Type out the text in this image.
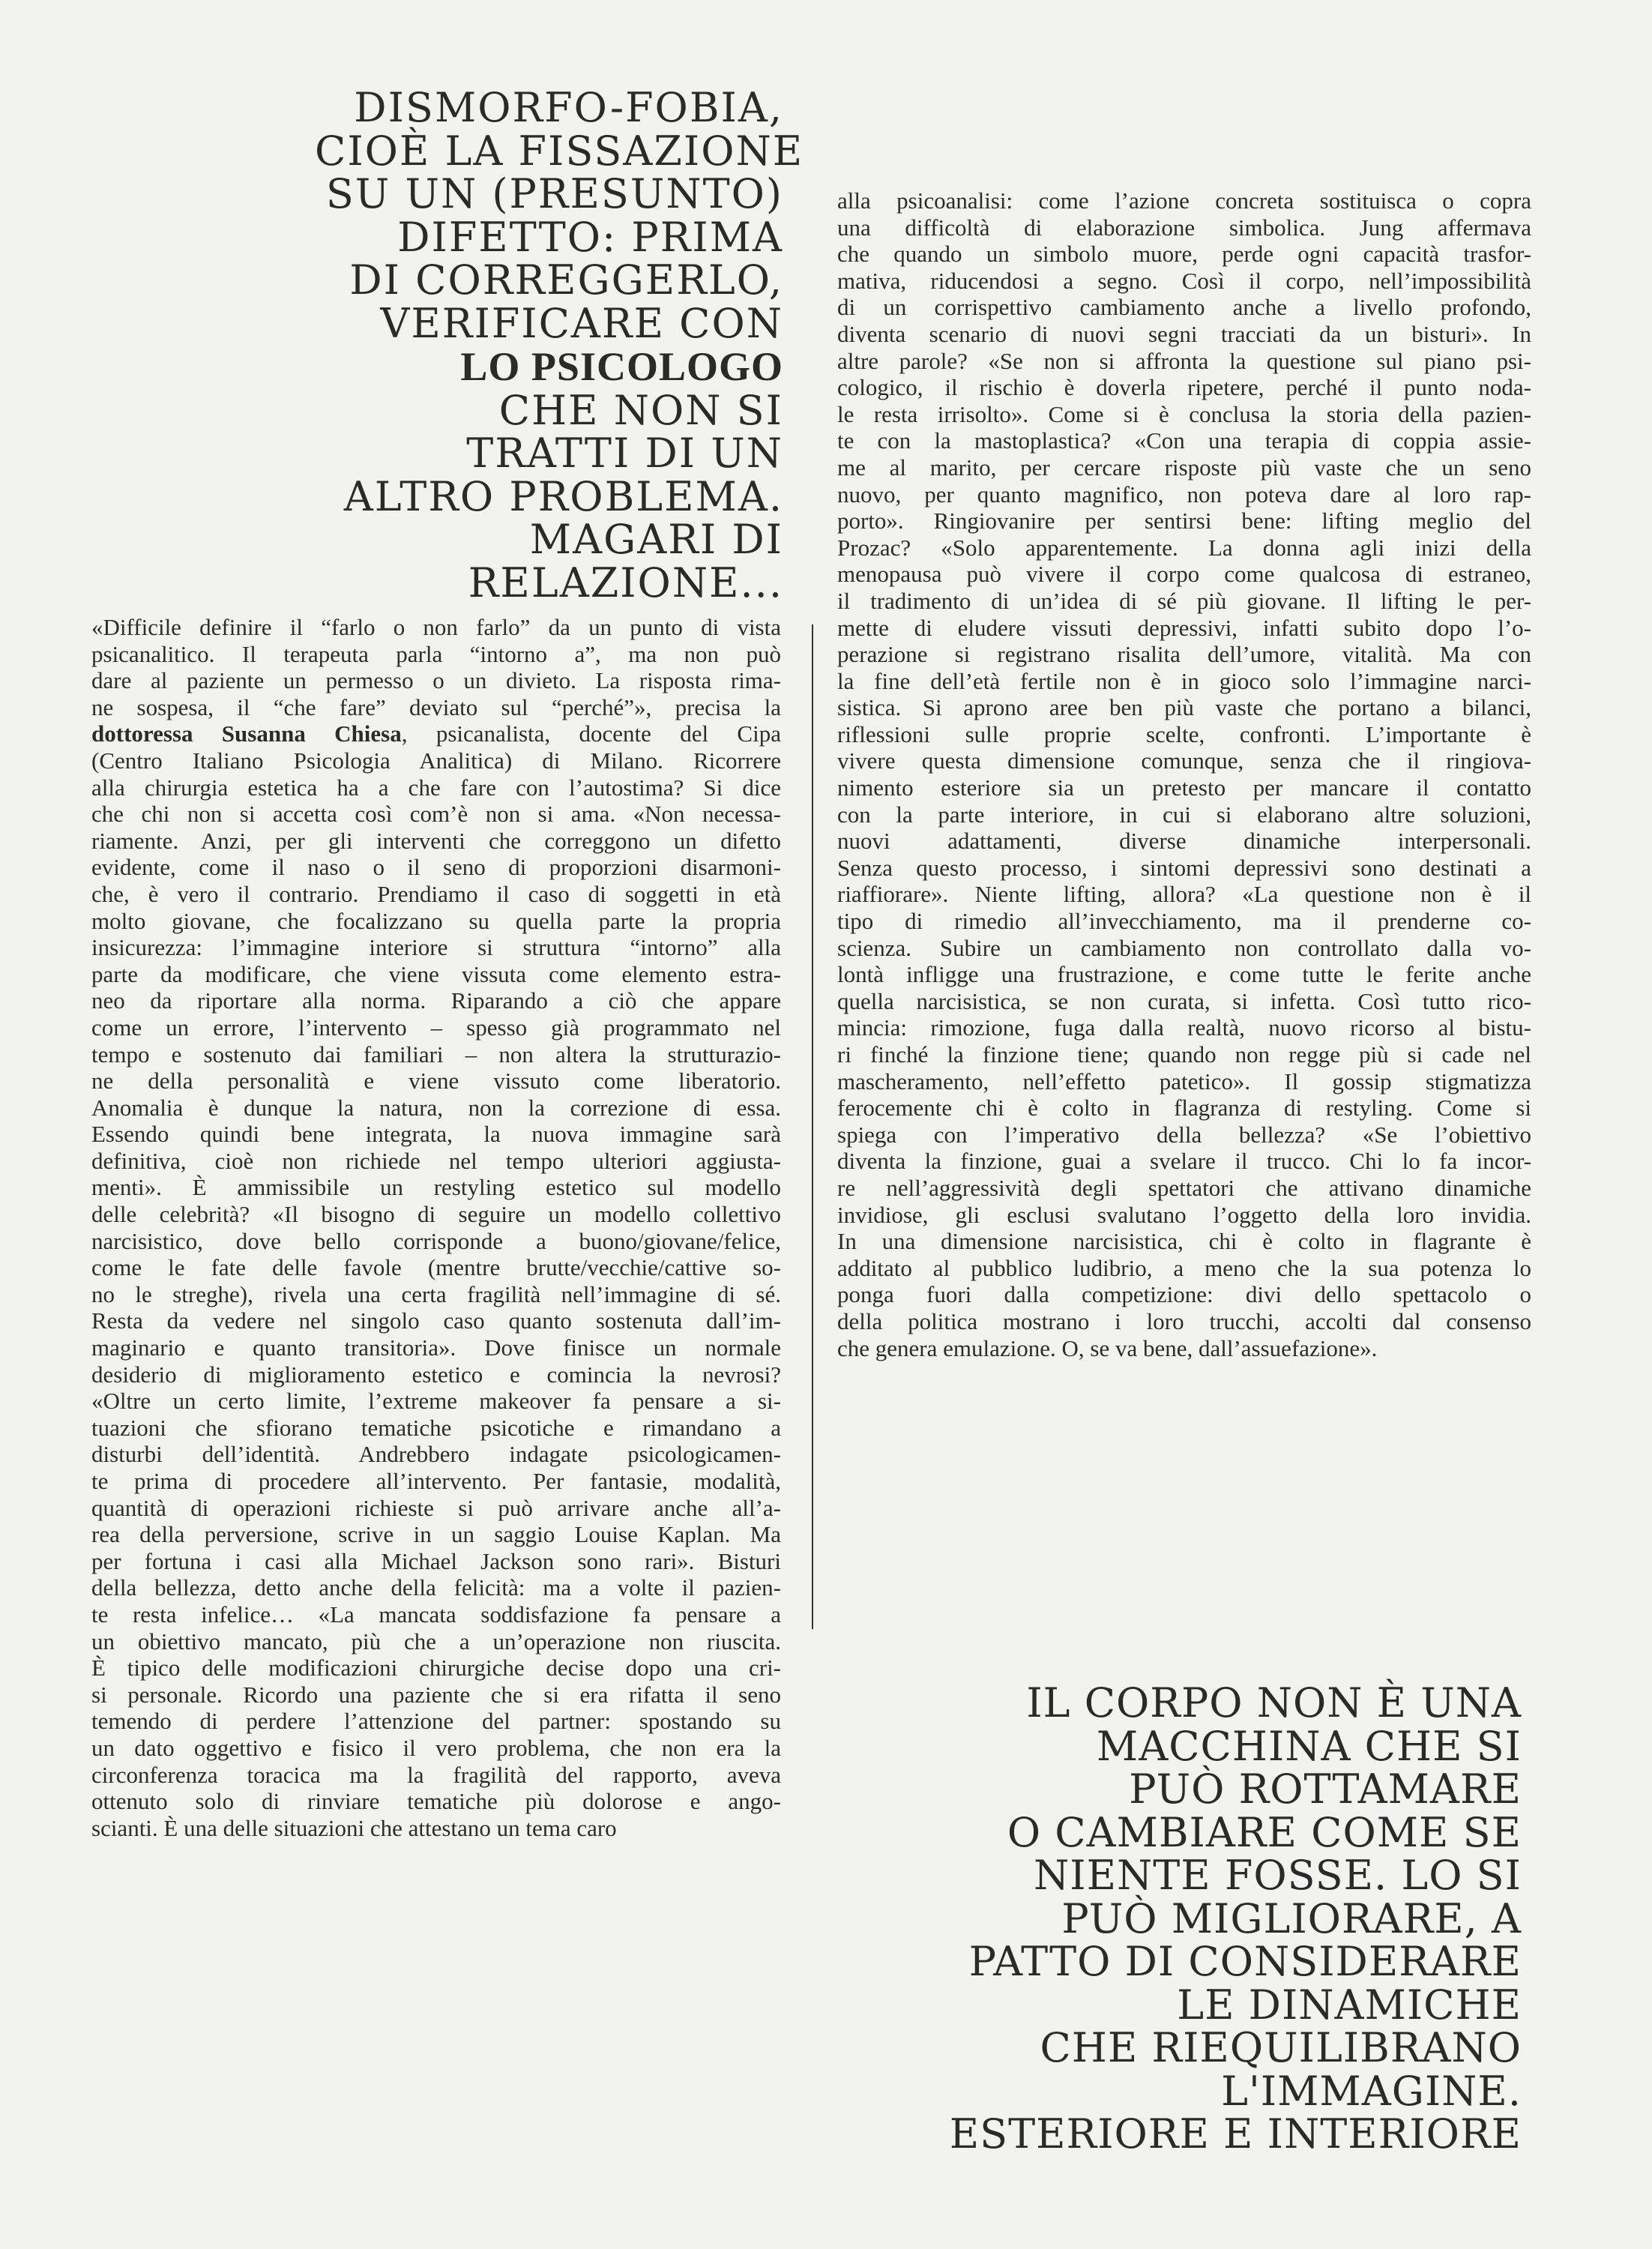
DISMORFO-FOBIA,
CIOÈ LA FISSAZIONE
SU UN (PRESUNTO)
DIFETTO: PRIMA
DI CORREGGERLO,
VERIFICARE CON
LO PSICOLOGO
CHE NON SI
TRATTI DI UN
ALTRO PROBLEMA.
MAGARI DI
RELAZIONE...
«Difficile definire il “farlo o non farlo” da un punto di vista
psicanalitico. Il terapeuta parla “intorno a”, ma non può
dare al paziente un permesso o un divieto. La risposta rima-
ne sospesa, il “che fare” deviato sul “perché”», precisa la
dottoressa Susanna Chiesa, psicanalista, docente del Cipa
(Centro Italiano Psicologia Analitica) di Milano. Ricorrere
alla chirurgia estetica ha a che fare con l’autostima? Si dice
che chi non si accetta così com’è non si ama. «Non necessa-
riamente. Anzi, per gli interventi che correggono un difetto
evidente, come il naso o il seno di proporzioni disarmoni-
che, è vero il contrario. Prendiamo il caso di soggetti in età
molto giovane, che focalizzano su quella parte la propria
insicurezza: l’immagine interiore si struttura “intorno” alla
parte da modificare, che viene vissuta come elemento estra-
neo da riportare alla norma. Riparando a ciò che appare
come un errore, l’intervento – spesso già programmato nel
tempo e sostenuto dai familiari – non altera la strutturazio-
ne della personalità e viene vissuto come liberatorio.
Anomalia è dunque la natura, non la correzione di essa.
Essendo quindi bene integrata, la nuova immagine sarà
definitiva, cioè non richiede nel tempo ulteriori aggiusta-
menti». È ammissibile un restyling estetico sul modello
delle celebrità? «Il bisogno di seguire un modello collettivo
narcisistico, dove bello corrisponde a buono/giovane/felice,
come le fate delle favole (mentre brutte/vecchie/cattive so-
no le streghe), rivela una certa fragilità nell’immagine di sé.
Resta da vedere nel singolo caso quanto sostenuta dall’im-
maginario e quanto transitoria». Dove finisce un normale
desiderio di miglioramento estetico e comincia la nevrosi?
«Oltre un certo limite, l’extreme makeover fa pensare a si-
tuazioni che sfiorano tematiche psicotiche e rimandano a
disturbi dell’identità. Andrebbero indagate psicologicamen-
te prima di procedere all’intervento. Per fantasie, modalità,
quantità di operazioni richieste si può arrivare anche all’a-
rea della perversione, scrive in un saggio Louise Kaplan. Ma
per fortuna i casi alla Michael Jackson sono rari». Bisturi
della bellezza, detto anche della felicità: ma a volte il pazien-
te resta infelice… «La mancata soddisfazione fa pensare a
un obiettivo mancato, più che a un’operazione non riuscita.
È tipico delle modificazioni chirurgiche decise dopo una cri-
si personale. Ricordo una paziente che si era rifatta il seno
temendo di perdere l’attenzione del partner: spostando su
un dato oggettivo e fisico il vero problema, che non era la
circonferenza toracica ma la fragilità del rapporto, aveva
ottenuto solo di rinviare tematiche più dolorose e ango-
scianti. È una delle situazioni che attestano un tema caro
alla psicoanalisi: come l’azione concreta sostituisca o copra
una difficoltà di elaborazione simbolica. Jung affermava
che quando un simbolo muore, perde ogni capacità trasfor-
mativa, riducendosi a segno. Così il corpo, nell’impossibilità
di un corrispettivo cambiamento anche a livello profondo,
diventa scenario di nuovi segni tracciati da un bisturi». In
altre parole? «Se non si affronta la questione sul piano psi-
cologico, il rischio è doverla ripetere, perché il punto noda-
le resta irrisolto». Come si è conclusa la storia della pazien-
te con la mastoplastica? «Con una terapia di coppia assie-
me al marito, per cercare risposte più vaste che un seno
nuovo, per quanto magnifico, non poteva dare al loro rap-
porto». Ringiovanire per sentirsi bene: lifting meglio del
Prozac? «Solo apparentemente. La donna agli inizi della
menopausa può vivere il corpo come qualcosa di estraneo,
il tradimento di un’idea di sé più giovane. Il lifting le per-
mette di eludere vissuti depressivi, infatti subito dopo l’o-
perazione si registrano risalita dell’umore, vitalità. Ma con
la fine dell’età fertile non è in gioco solo l’immagine narci-
sistica. Si aprono aree ben più vaste che portano a bilanci,
riflessioni sulle proprie scelte, confronti. L’importante è
vivere questa dimensione comunque, senza che il ringiova-
nimento esteriore sia un pretesto per mancare il contatto
con la parte interiore, in cui si elaborano altre soluzioni,
nuovi adattamenti, diverse dinamiche interpersonali.
Senza questo processo, i sintomi depressivi sono destinati a
riaffiorare». Niente lifting, allora? «La questione non è il
tipo di rimedio all’invecchiamento, ma il prenderne co-
scienza. Subire un cambiamento non controllato dalla vo-
lontà infligge una frustrazione, e come tutte le ferite anche
quella narcisistica, se non curata, si infetta. Così tutto rico-
mincia: rimozione, fuga dalla realtà, nuovo ricorso al bistu-
ri finché la finzione tiene; quando non regge più si cade nel
mascheramento, nell’effetto patetico». Il gossip stigmatizza
ferocemente chi è colto in flagranza di restyling. Come si
spiega con l’imperativo della bellezza? «Se l’obiettivo
diventa la finzione, guai a svelare il trucco. Chi lo fa incor-
re nell’aggressività degli spettatori che attivano dinamiche
invidiose, gli esclusi svalutano l’oggetto della loro invidia.
In una dimensione narcisistica, chi è colto in flagrante è
additato al pubblico ludibrio, a meno che la sua potenza lo
ponga fuori dalla competizione: divi dello spettacolo o
della politica mostrano i loro trucchi, accolti dal consenso
che genera emulazione. O, se va bene, dall’assuefazione».
IL CORPO NON È UNA
MACCHINA CHE SI
PUÒ ROTTAMARE
O CAMBIARE COME SE
NIENTE FOSSE. LO SI
PUÒ MIGLIORARE, A
PATTO DI CONSIDERARE
LE DINAMICHE
CHE RIEQUILIBRANO
L'IMMAGINE.
ESTERIORE E INTERIORE
